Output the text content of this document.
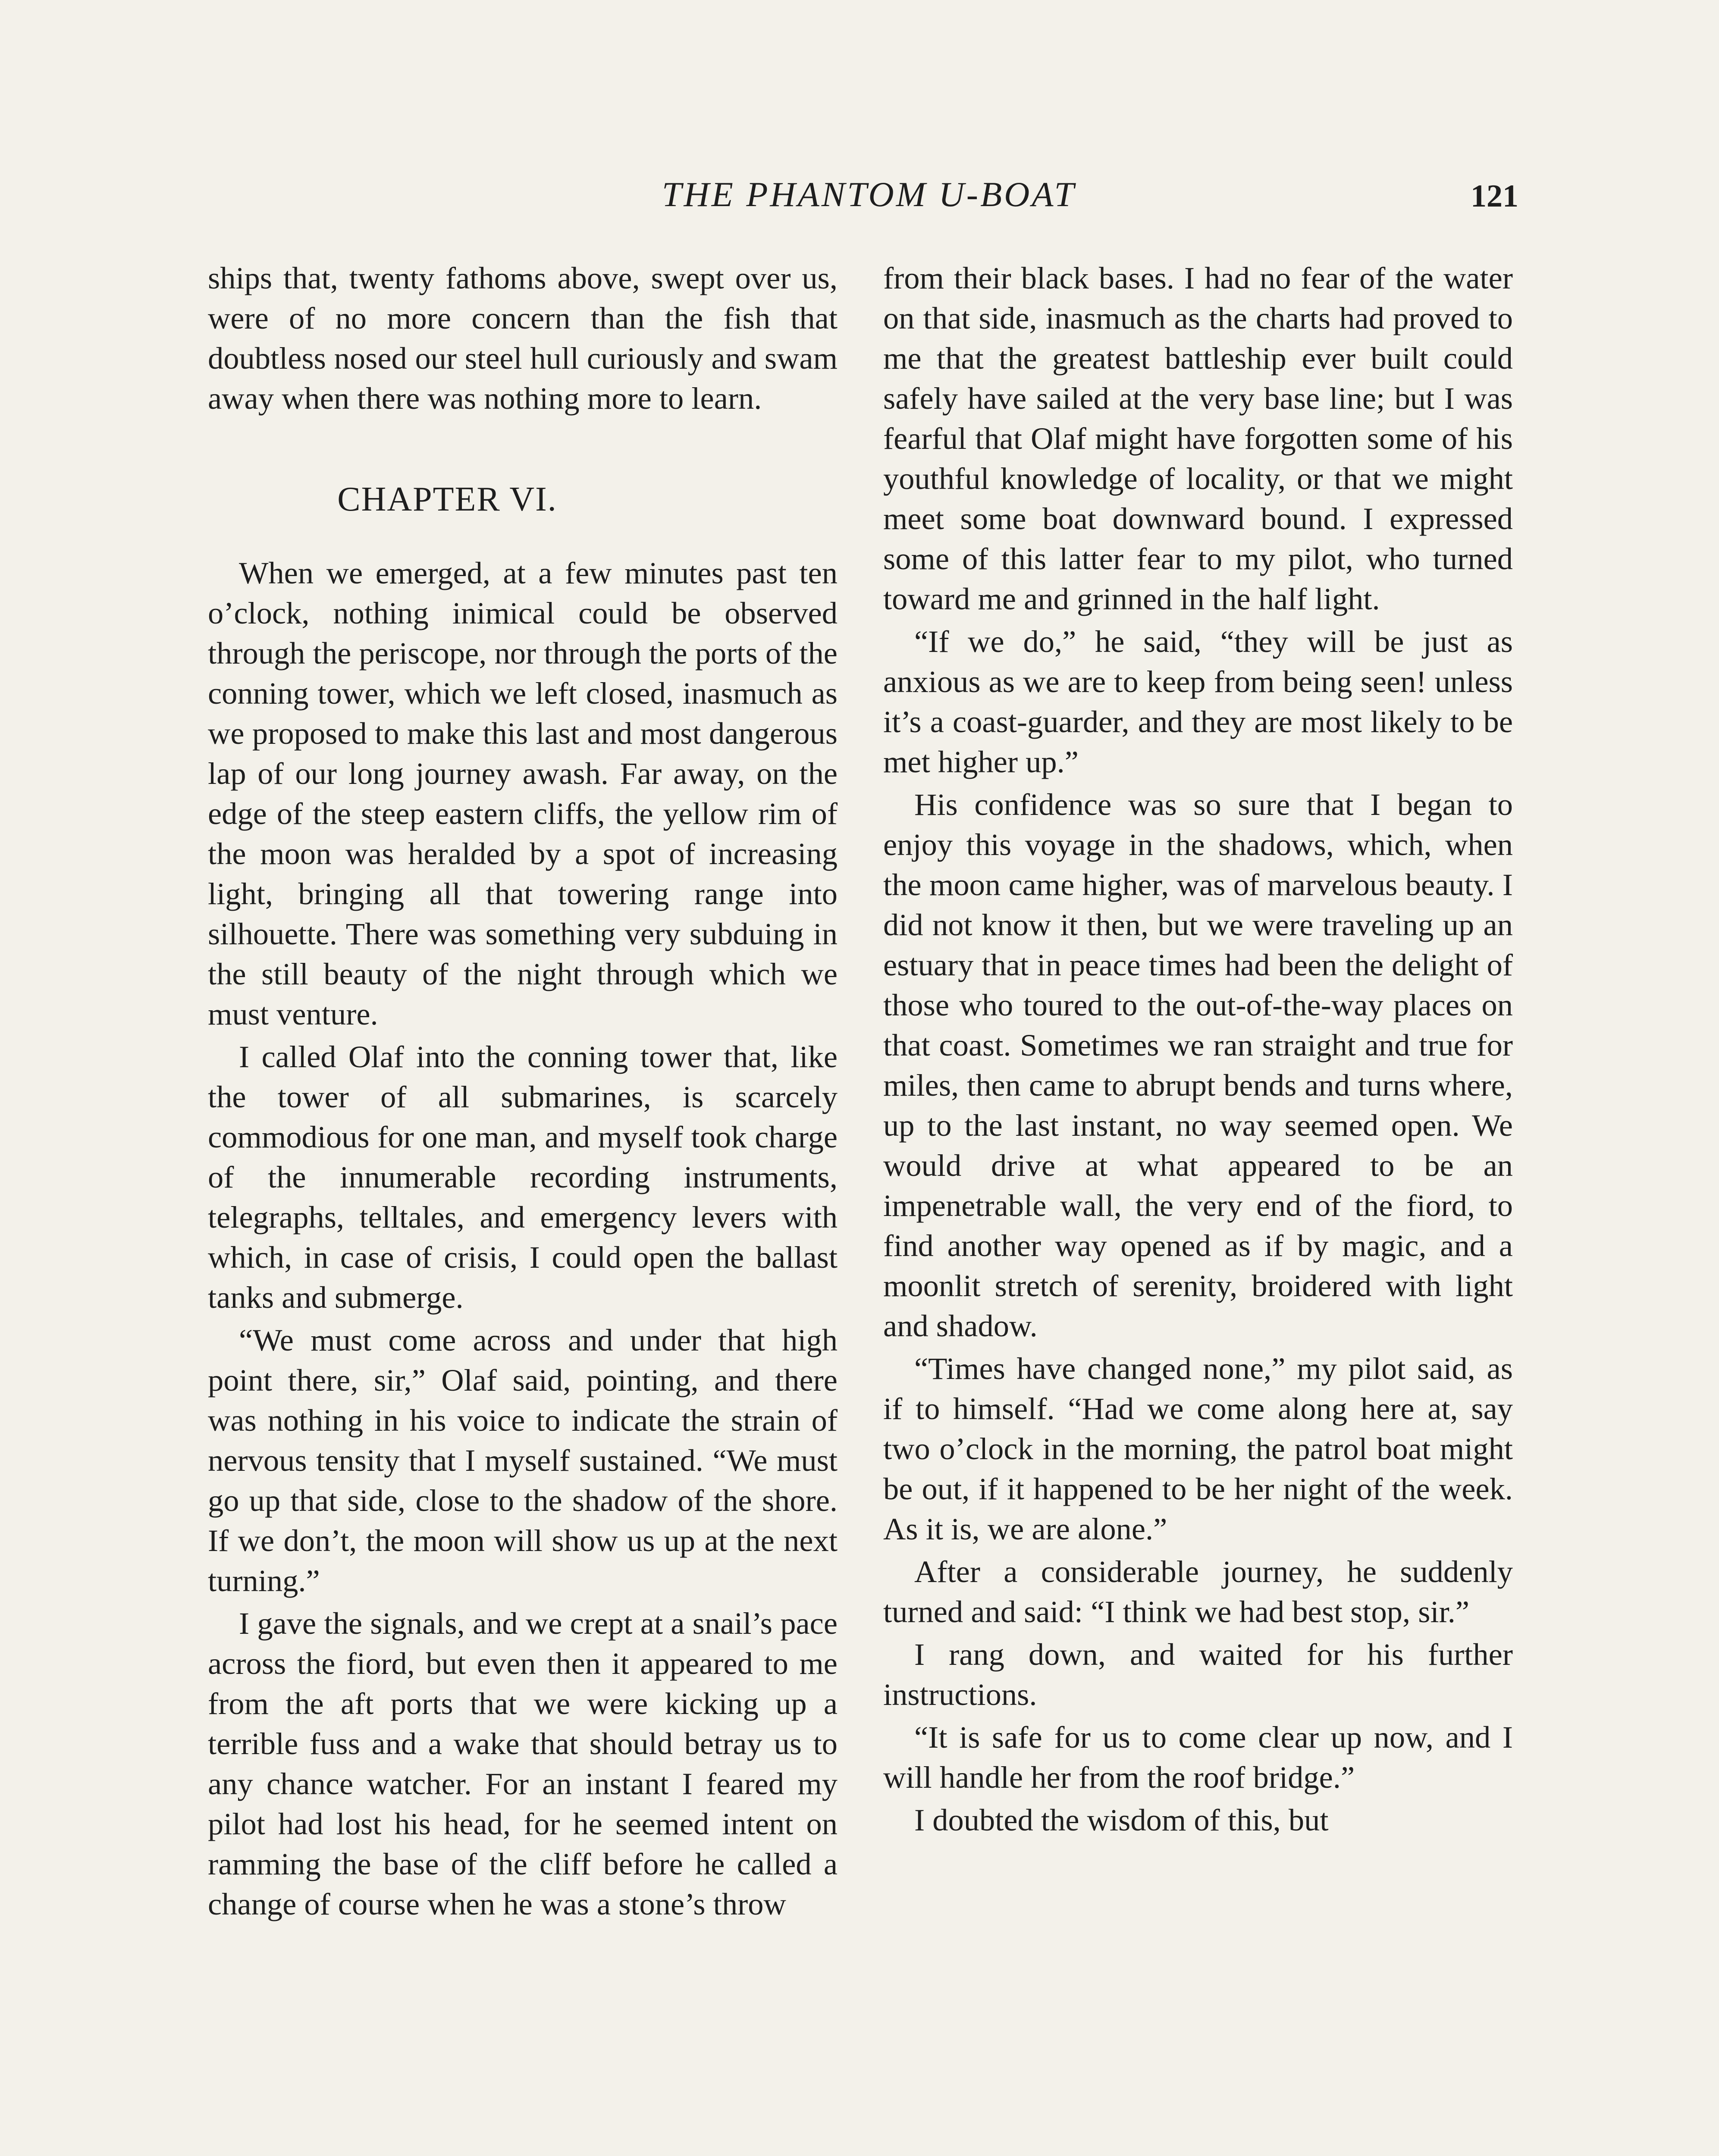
THE PHANTOM U-BOAT	121

ships that, twenty fathoms above, swept over us, were of no more concern than the fish that doubtless nosed our steel hull curiously and swam away when there was nothing more to learn.

CHAPTER VI.

When we emerged, at a few minutes past ten o’clock, nothing inimical could be observed through the periscope, nor through the ports of the conning tower, which we left closed, inasmuch as we proposed to make this last and most dangerous lap of our long journey awash. Far away, on the edge of the steep eastern cliffs, the yellow rim of the moon was heralded by a spot of increasing light, bringing all that towering range into silhouette. There was something very subduing in the still beauty of the night through which we must venture.

I called Olaf into the conning tower that, like the tower of all submarines, is scarcely commodious for one man, and myself took charge of the innumerable recording instruments, telegraphs, telltales, and emergency levers with which, in case of crisis, I could open the ballast tanks and submerge.

“We must come across and under that high point there, sir,” Olaf said, pointing, and there was nothing in his voice to indicate the strain of nervous tensity that I myself sustained. “We must go up that side, close to the shadow of the shore. If we don’t, the moon will show us up at the next turning.”

I gave the signals, and we crept at a snail’s pace across the fiord, but even then it appeared to me from the aft ports that we were kicking up a terrible fuss and a wake that should betray us to any chance watcher. For an instant I feared my pilot had lost his head, for he seemed intent on ramming the base of the cliff before he called a change of course when he was a stone’s throw

from their black bases. I had no fear of the water on that side, inasmuch as the charts had proved to me that the greatest battleship ever built could safely have sailed at the very base line; but I was fearful that Olaf might have forgotten some of his youthful knowledge of locality, or that we might meet some boat downward bound. I expressed some of this latter fear to my pilot, who turned toward me and grinned in the half light.

“If we do,” he said, “they will be just as anxious as we are to keep from being seen! unless it’s a coast-guarder, and they are most likely to be met higher up.”

His confidence was so sure that I began to enjoy this voyage in the shadows, which, when the moon came higher, was of marvelous beauty. I did not know it then, but we were traveling up an estuary that in peace times had been the delight of those who toured to the out-of-the-way places on that coast. Sometimes we ran straight and true for miles, then came to abrupt bends and turns where, up to the last instant, no way seemed open. We would drive at what appeared to be an impenetrable wall, the very end of the fiord, to find another way opened as if by magic, and a moonlit stretch of serenity, broidered with light and shadow.

“Times have changed none,” my pilot said, as if to himself. “Had we come along here at, say two o’clock in the morning, the patrol boat might be out, if it happened to be her night of the week. As it is, we are alone.”

After a considerable journey, he suddenly turned and said: “I think we had best stop, sir.”

I rang down, and waited for his further instructions.

“It is safe for us to come clear up now, and I will handle her from the roof bridge.”

I doubted the wisdom of this, but
